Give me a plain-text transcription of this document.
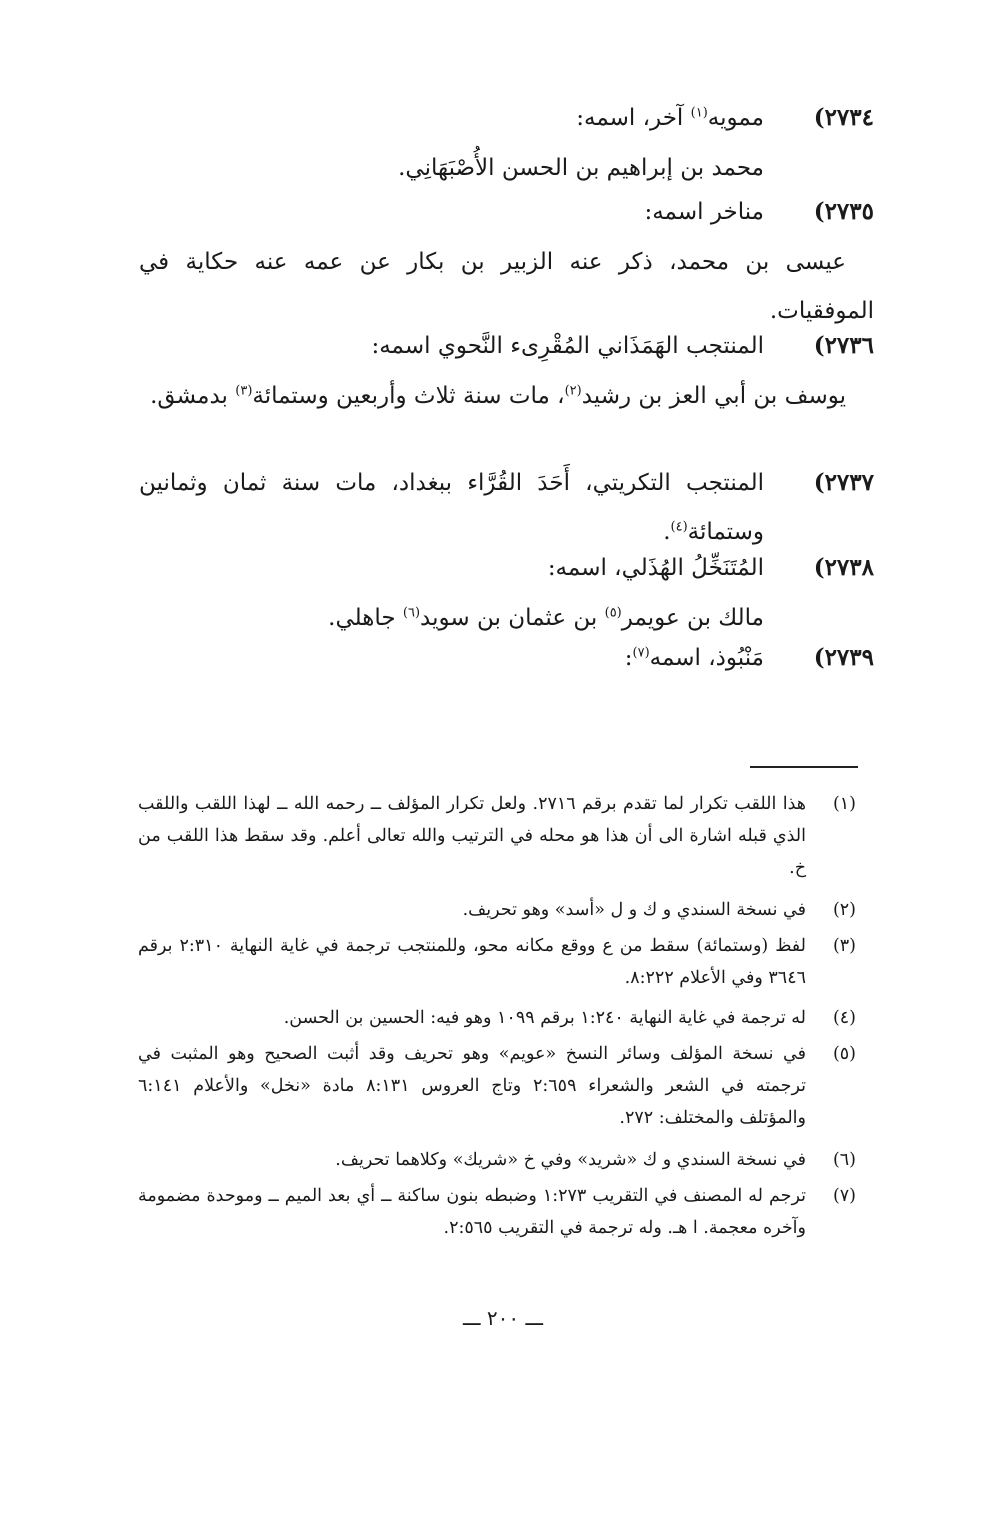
٢٧٣٤)
ممويه$^{(١)}$ آخر، اسمه:
محمد بن إبراهيم بن الحسن الأُصْبَهَانِي.
٢٧٣٥)
مناخر اسمه:
عيسى بن محمد، ذكر عنه الزبير بن بكار عن عمه عنه حكاية في الموفقيات.
٢٧٣٦)
المنتجب الهَمَذَاني المُقْرِىء النَّحوي اسمه:
يوسف بن أبي العز بن رشيد$^{(٢)}$، مات سنة ثلاث وأربعين وستمائة$^{(٣)}$ بدمشق.
٢٧٣٧)
المنتجب التكريتي، أَحَدَ القُرَّاء ببغداد، مات سنة ثمان وثمانين وستمائة$^{(٤)}$.
٢٧٣٨)
المُتَنَخِّلُ الهُذَلي، اسمه:
مالك بن عويمر$^{(٥)}$ بن عثمان بن سويد$^{(٦)}$ جاهلي.
٢٧٣٩)
مَنْبُوذ، اسمه$^{(٧)}$:
(١)
هذا اللقب تكرار لما تقدم برقم ٢٧١٦. ولعل تكرار المؤلف ــ رحمه الله ــ لهذا اللقب واللقب الذي قبله اشارة الى أن هذا هو محله في الترتيب والله تعالى أعلم. وقد سقط هذا اللقب من خ.
(٢)
في نسخة السندي و ك و ل «أسد» وهو تحريف.
(٣)
لفظ (وستمائة) سقط من ع ووقع مكانه محو، وللمنتجب ترجمة في غاية النهاية ٢:٣١٠ برقم ٣٦٤٦ وفي الأعلام ٨:٢٢٢.
(٤)
له ترجمة في غاية النهاية ١:٢٤٠ برقم ١٠٩٩ وهو فيه: الحسين بن الحسن.
(٥)
في نسخة المؤلف وسائر النسخ «عويم» وهو تحريف وقد أثبت الصحيح وهو المثبت في ترجمته في الشعر والشعراء ٢:٦٥٩ وتاج العروس ٨:١٣١ مادة «نخل» والأعلام ٦:١٤١ والمؤتلف والمختلف: ٢٧٢.
(٦)
في نسخة السندي و ك «شريد» وفي خ «شريك» وكلاهما تحريف.
(٧)
ترجم له المصنف في التقريب ١:٢٧٣ وضبطه بنون ساكنة ــ أي بعد الميم ــ وموحدة مضمومة وآخره معجمة. ا هـ. وله ترجمة في التقريب ٢:٥٦٥.
ـــ ٢٠٠ ـــ
